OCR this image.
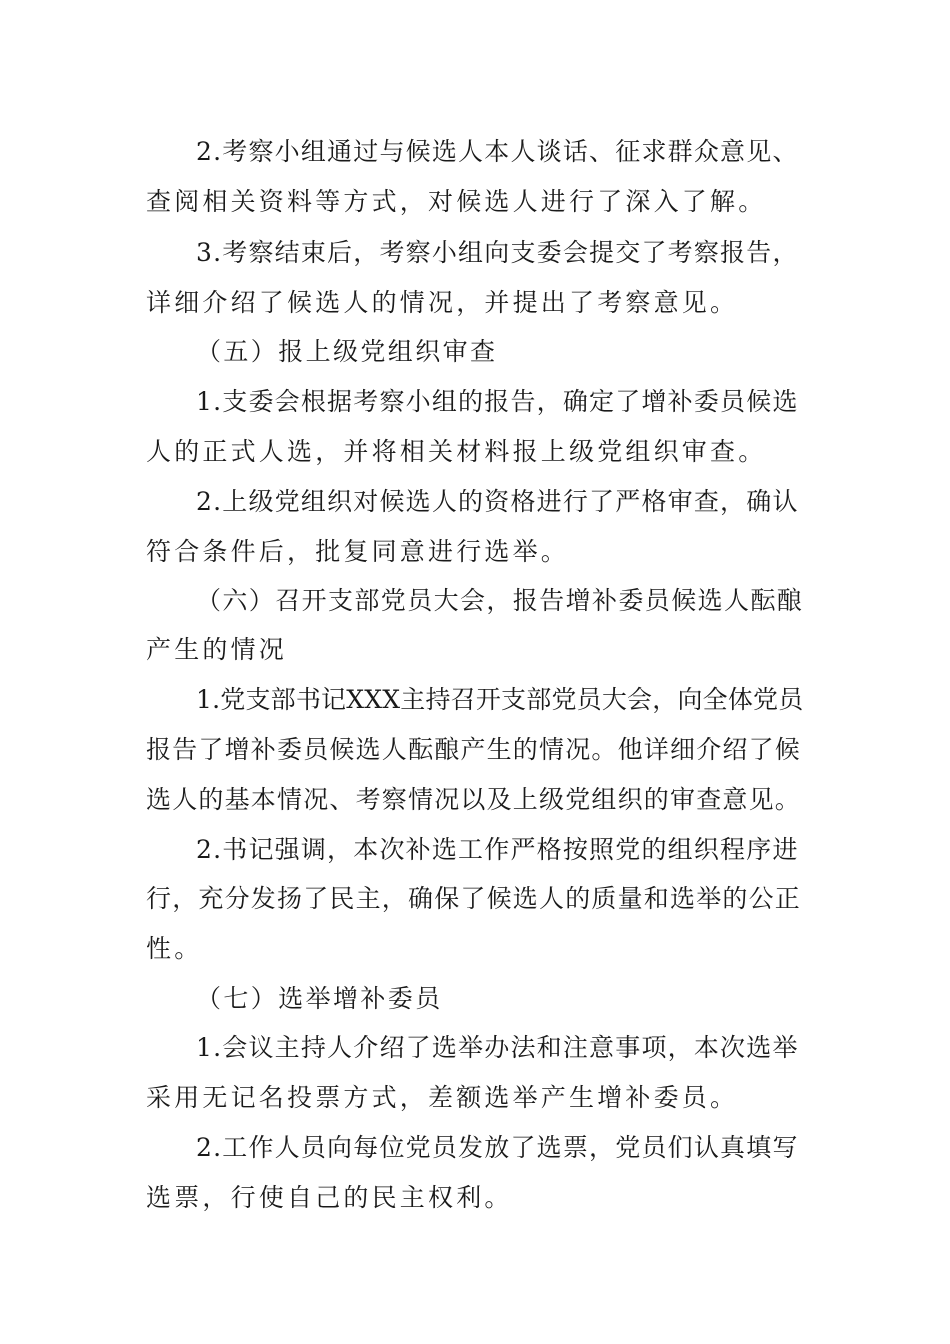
2.考察小组通过与候选人本人谈话、征求群众意见、
查阅相关资料等方式，对候选人进行了深入了解。
3.考察结束后，考察小组向支委会提交了考察报告，
详细介绍了候选人的情况，并提出了考察意见。
（五）报上级党组织审查
1.支委会根据考察小组的报告，确定了增补委员候选
人的正式人选，并将相关材料报上级党组织审查。
2.上级党组织对候选人的资格进行了严格审查，确认
符合条件后，批复同意进行选举。
（六）召开支部党员大会，报告增补委员候选人酝酿
产生的情况
1.党支部书记XXX主持召开支部党员大会，向全体党员
报告了增补委员候选人酝酿产生的情况。他详细介绍了候
选人的基本情况、考察情况以及上级党组织的审查意见。
2.书记强调，本次补选工作严格按照党的组织程序进
行，充分发扬了民主，确保了候选人的质量和选举的公正
性。
（七）选举增补委员
1.会议主持人介绍了选举办法和注意事项，本次选举
采用无记名投票方式，差额选举产生增补委员。
2.工作人员向每位党员发放了选票，党员们认真填写
选票，行使自己的民主权利。
